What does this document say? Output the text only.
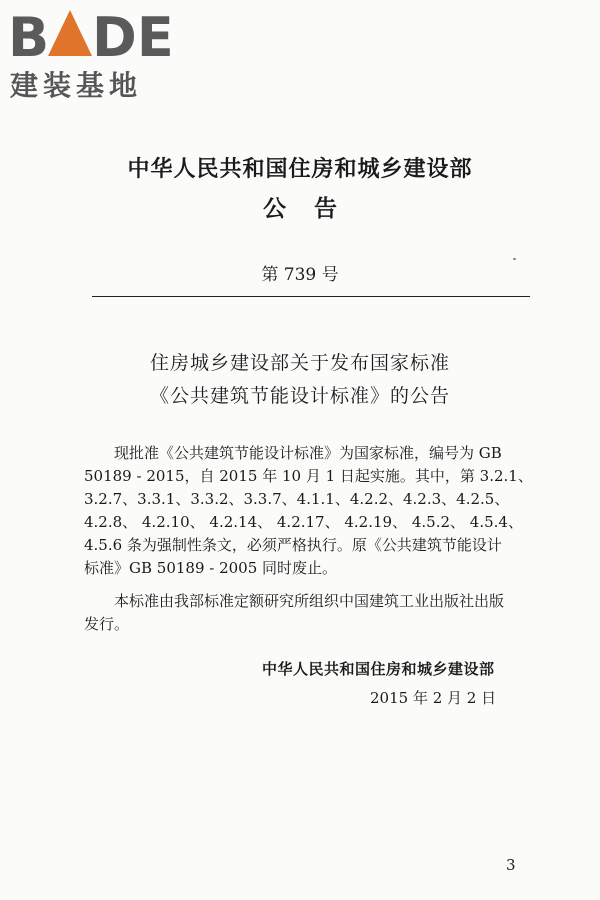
B DE
建装基地
中华人民共和国住房和城乡建设部
公告
第 739 号
住房城乡建设部关于发布国家标准
《公共建筑节能设计标准》的公告
　　现批准《公共建筑节能设计标准》为国家标准，编号为 GB
50189 - 2015，自 2015 年 10 月 1 日起实施。其中，第 3.2.1、
3.2.7、3.3.1、3.3.2、3.3.7、4.1.1、4.2.2、4.2.3、4.2.5、
4.2.8、 4.2.10、 4.2.14、 4.2.17、 4.2.19、 4.5.2、 4.5.4、
4.5.6 条为强制性条文，必须严格执行。原《公共建筑节能设计
标准》GB 50189 - 2005 同时废止。
　　本标准由我部标准定额研究所组织中国建筑工业出版社出版
发行。
中华人民共和国住房和城乡建设部
2015 年 2 月 2 日
3
